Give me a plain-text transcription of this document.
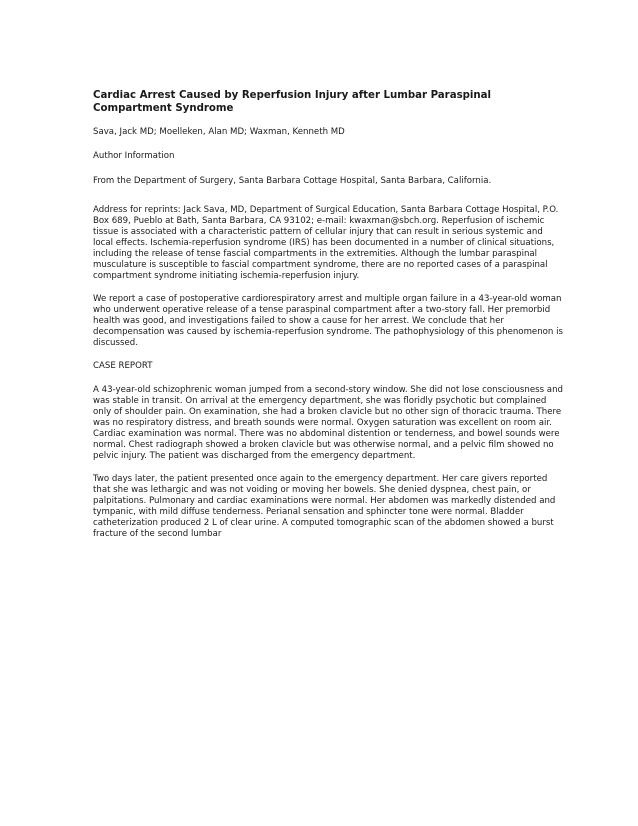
Cardiac Arrest Caused by Reperfusion Injury after Lumbar Paraspinal Compartment Syndrome
Sava, Jack MD; Moelleken, Alan MD; Waxman, Kenneth MD
Author Information
From the Department of Surgery, Santa Barbara Cottage Hospital, Santa Barbara, California.

Address for reprints: Jack Sava, MD, Department of Surgical Education, Santa Barbara Cottage Hospital, P.O. Box 689, Pueblo at Bath, Santa Barbara, CA 93102; e-mail: kwaxman@sbch.org. Reperfusion of ischemic tissue is associated with a characteristic pattern of cellular injury that can result in serious systemic and local effects. Ischemia-reperfusion syndrome (IRS) has been documented in a number of clinical situations, including the release of tense fascial compartments in the extremities. Although the lumbar paraspinal musculature is susceptible to fascial compartment syndrome, there are no reported cases of a paraspinal compartment syndrome initiating ischemia-reperfusion injury.

We report a case of postoperative cardiorespiratory arrest and multiple organ failure in a 43-year-old woman who underwent operative release of a tense paraspinal compartment after a two-story fall. Her premorbid health was good, and investigations failed to show a cause for her arrest. We conclude that her decompensation was caused by ischemia-reperfusion syndrome. The pathophysiology of this phenomenon is discussed.

CASE REPORT

A 43-year-old schizophrenic woman jumped from a second-story window. She did not lose consciousness and was stable in transit. On arrival at the emergency department, she was floridly psychotic but complained only of shoulder pain. On examination, she had a broken clavicle but no other sign of thoracic trauma. There was no respiratory distress, and breath sounds were normal. Oxygen saturation was excellent on room air. Cardiac examination was normal. There was no abdominal distention or tenderness, and bowel sounds were normal. Chest radiograph showed a broken clavicle but was otherwise normal, and a pelvic film showed no pelvic injury. The patient was discharged from the emergency department.

Two days later, the patient presented once again to the emergency department. Her care givers reported that she was lethargic and was not voiding or moving her bowels. She denied dyspnea, chest pain, or palpitations. Pulmonary and cardiac examinations were normal. Her abdomen was markedly distended and tympanic, with mild diffuse tenderness. Perianal sensation and sphincter tone were normal. Bladder catheterization produced 2 L of clear urine. A computed tomographic scan of the abdomen showed a burst fracture of the second lumbar
